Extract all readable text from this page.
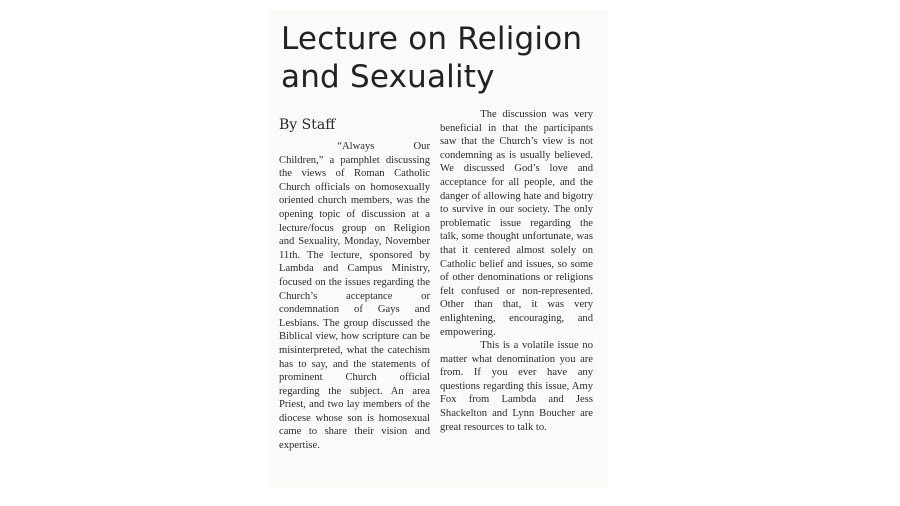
Lecture on Religion and Sexuality
By Staff

“Always Our Children,” a pamphlet discussing the views of Roman Catholic Church officials on homosexually oriented church members, was the opening topic of discussion at a lecture/focus group on Religion and Sexuality, Monday, November 11th. The lecture, sponsored by Lambda and Campus Ministry, focused on the issues regarding the Church’s acceptance or condemnation of Gays and Lesbians. The group discussed the Biblical view, how scripture can be misinterpreted, what the catechism has to say, and the statements of prominent Church official regarding the subject. An area Priest, and two lay members of the diocese whose son is homosexual came to share their vision and expertise.

The discussion was very beneficial in that the participants saw that the Church’s view is not condemning as is usually believed. We discussed God’s love and acceptance for all people, and the danger of allowing hate and bigotry to survive in our society. The only problematic issue regarding the talk, some thought unfortunate, was that it centered almost solely on Catholic belief and issues, so some of other denominations or religions felt confused or non-represented. Other than that, it was very enlightening, encouraging, and empowering.

This is a volatile issue no matter what denomination you are from. If you ever have any questions regarding this issue, Amy Fox from Lambda and Jess Shackelton and Lynn Boucher are great resources to talk to.
